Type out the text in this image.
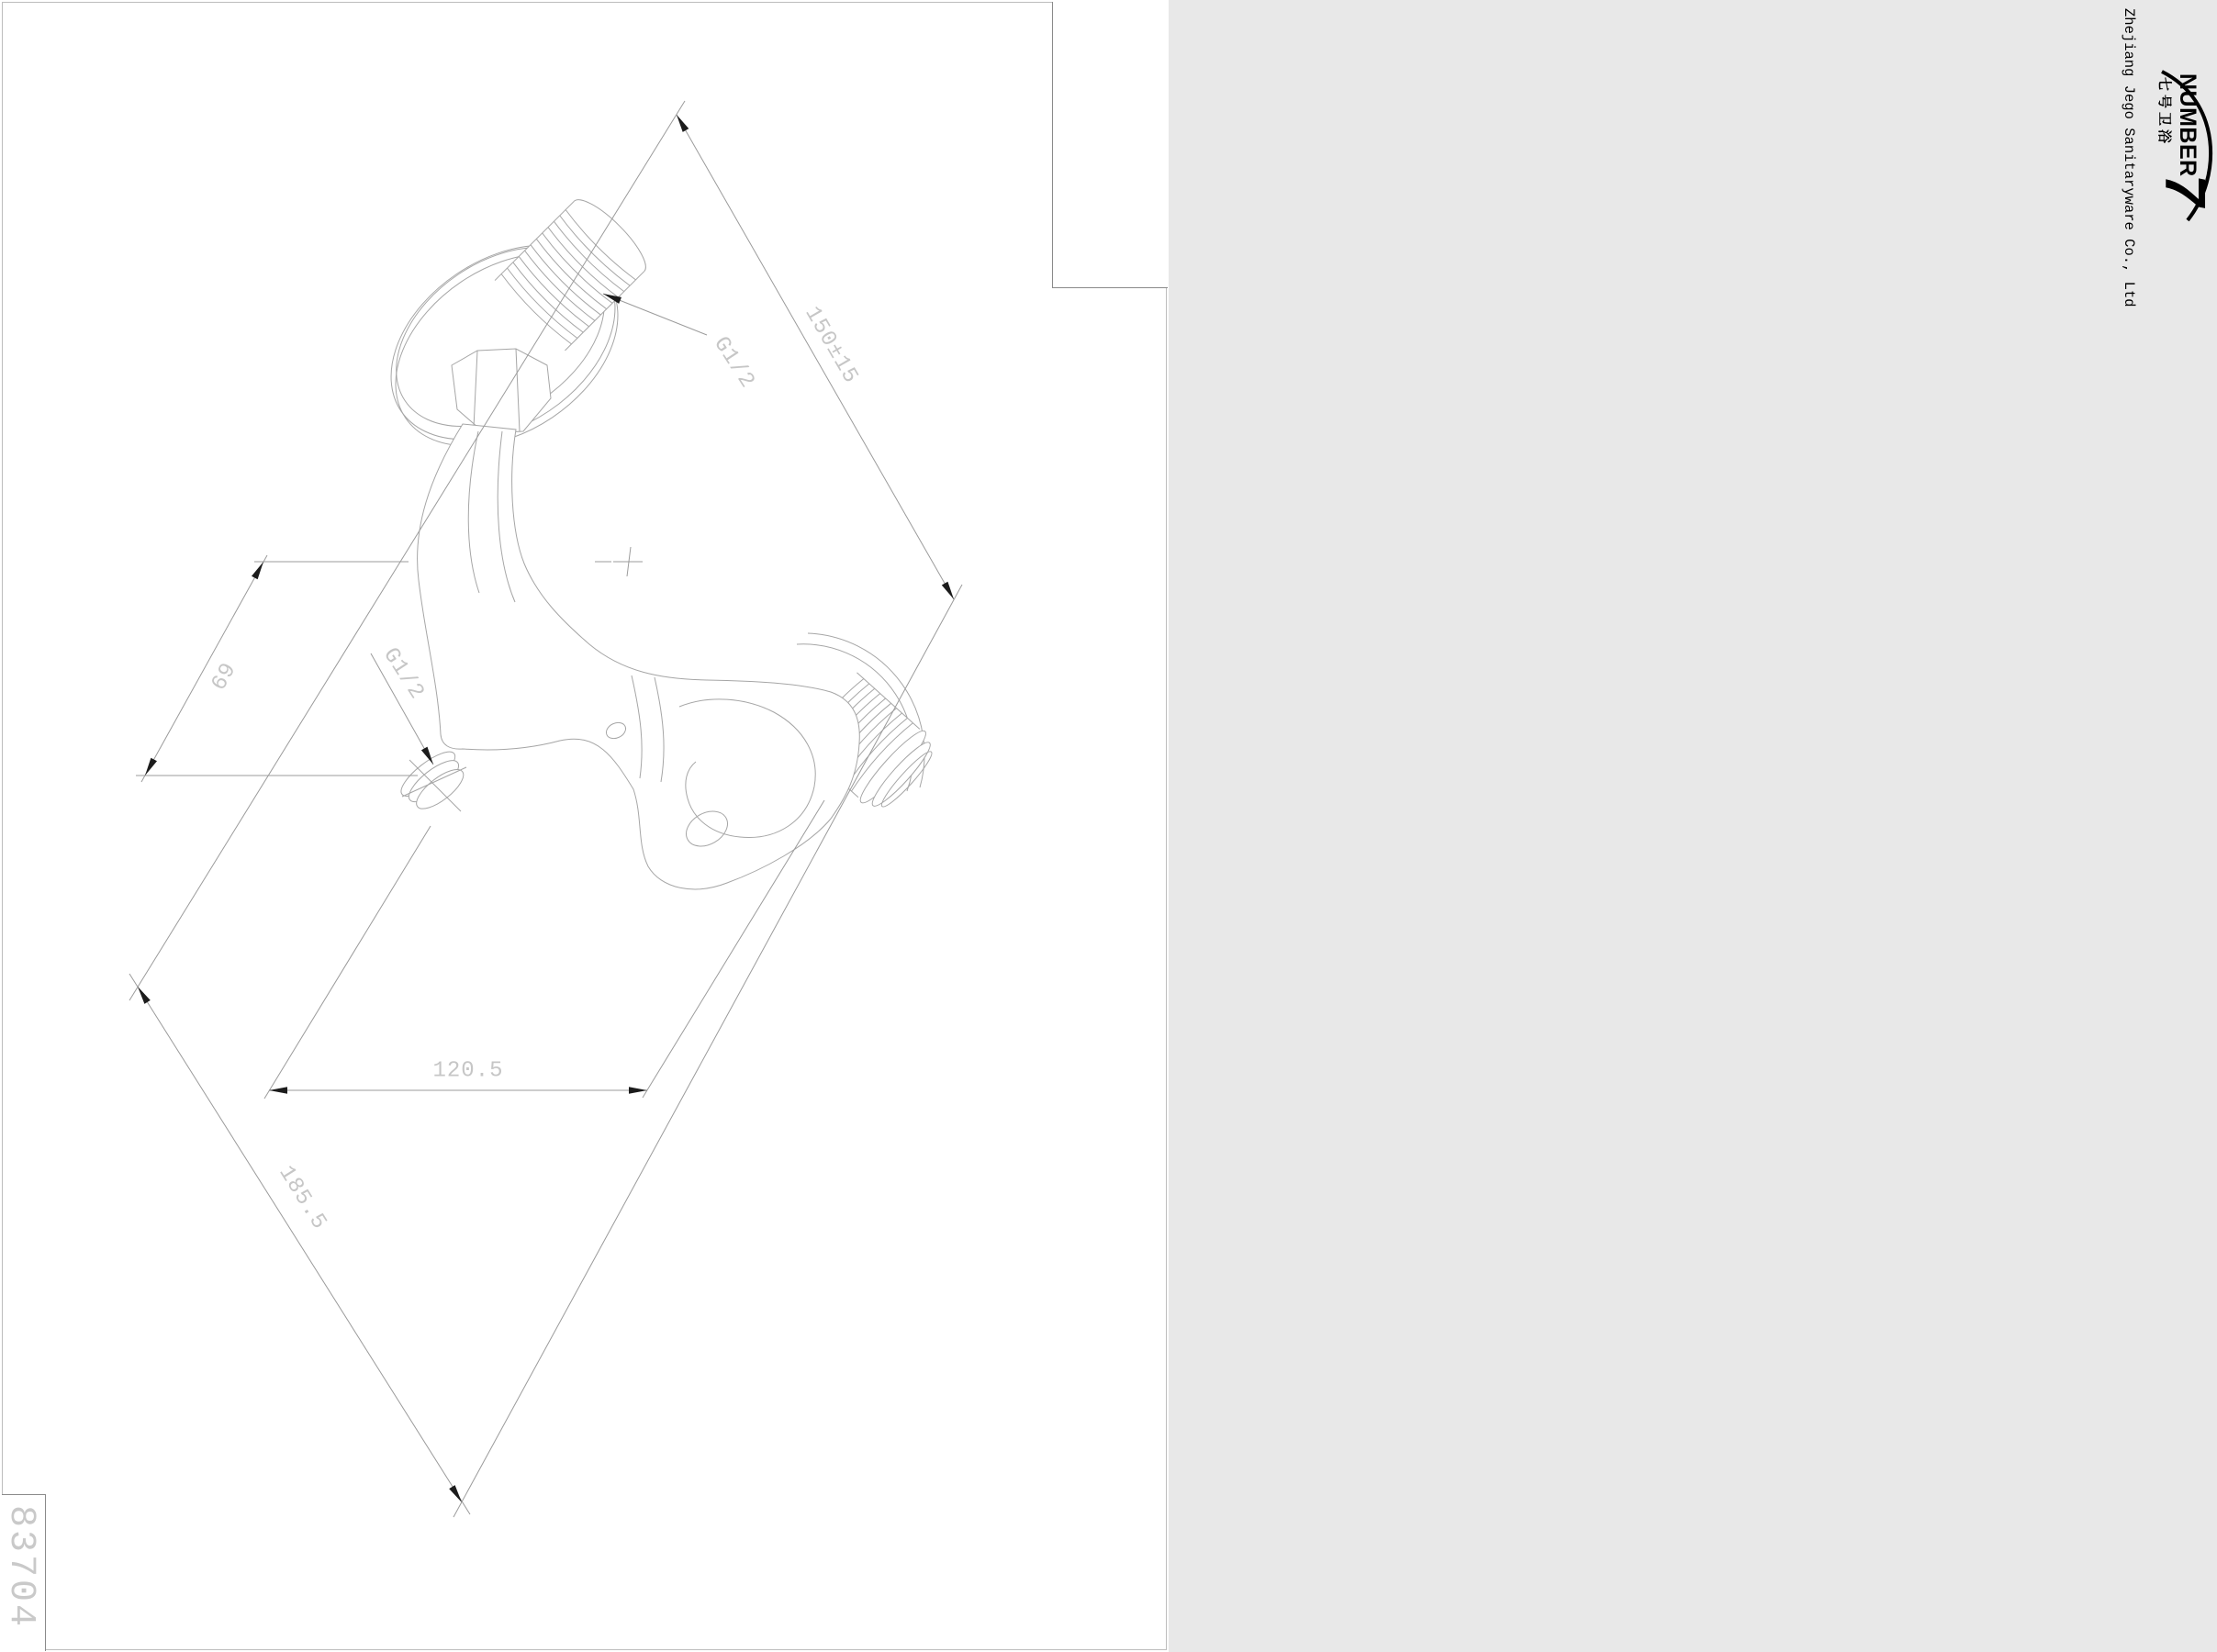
150±15
185.5
69
120.5
G1/2
G1/2
Zhejiang Jego Sanitaryware Co., Ltd NUMBER
七号卫浴
7
83704
